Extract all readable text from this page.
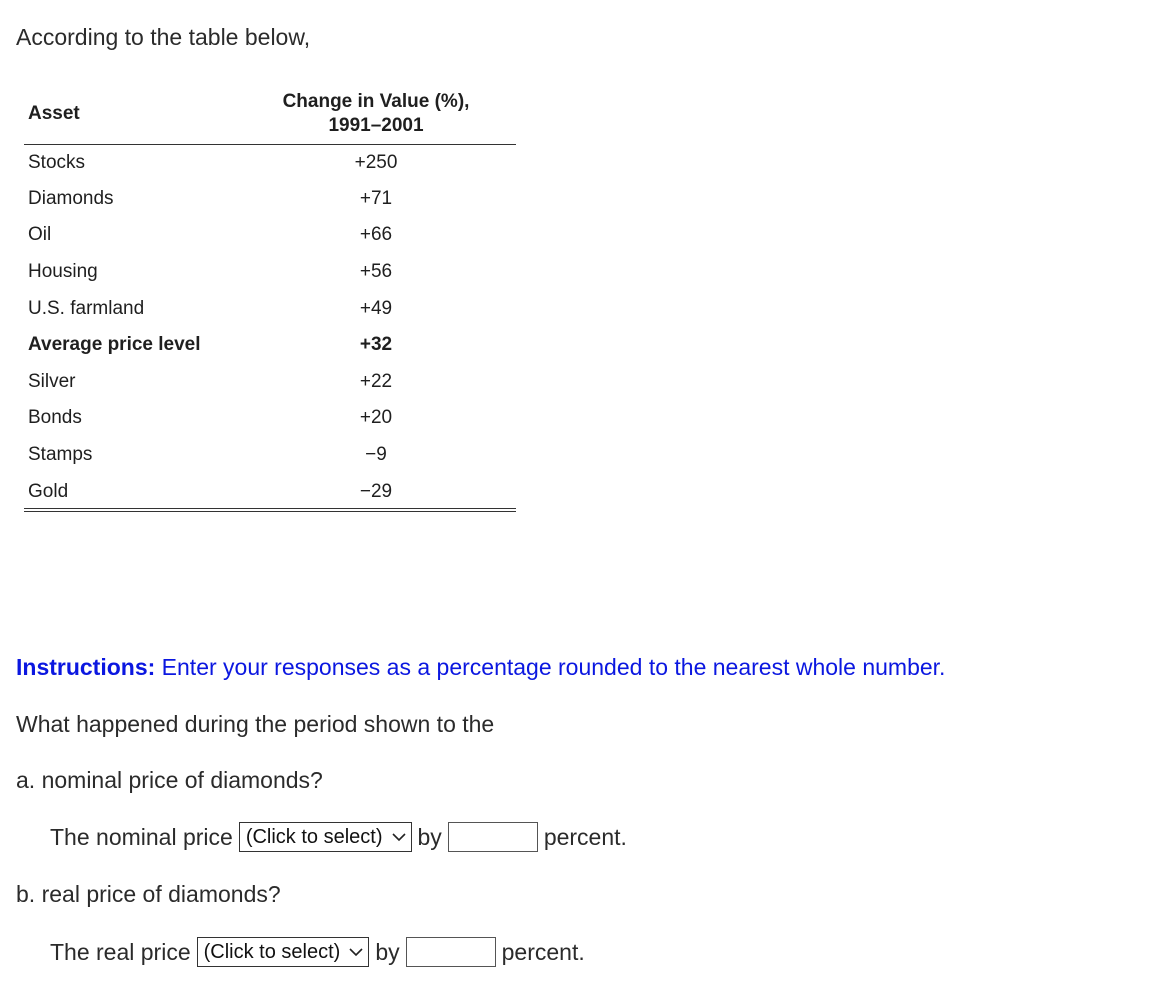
According to the table below,
Asset	Change in Value (%),
1991–2001

Stocks	+250
Diamonds	+71
Oil	+66
Housing	+56
U.S. farmland	+49
Average price level	+32
Silver	+22
Bonds	+20
Stamps	−9
Gold	−29
Instructions: Enter your responses as a percentage rounded to the nearest whole number.
What happened during the period shown to the
a. nominal price of diamonds?
The nominal price (Click to select) by	percent.
b. real price of diamonds?
The real price (Click to select) by	percent.
